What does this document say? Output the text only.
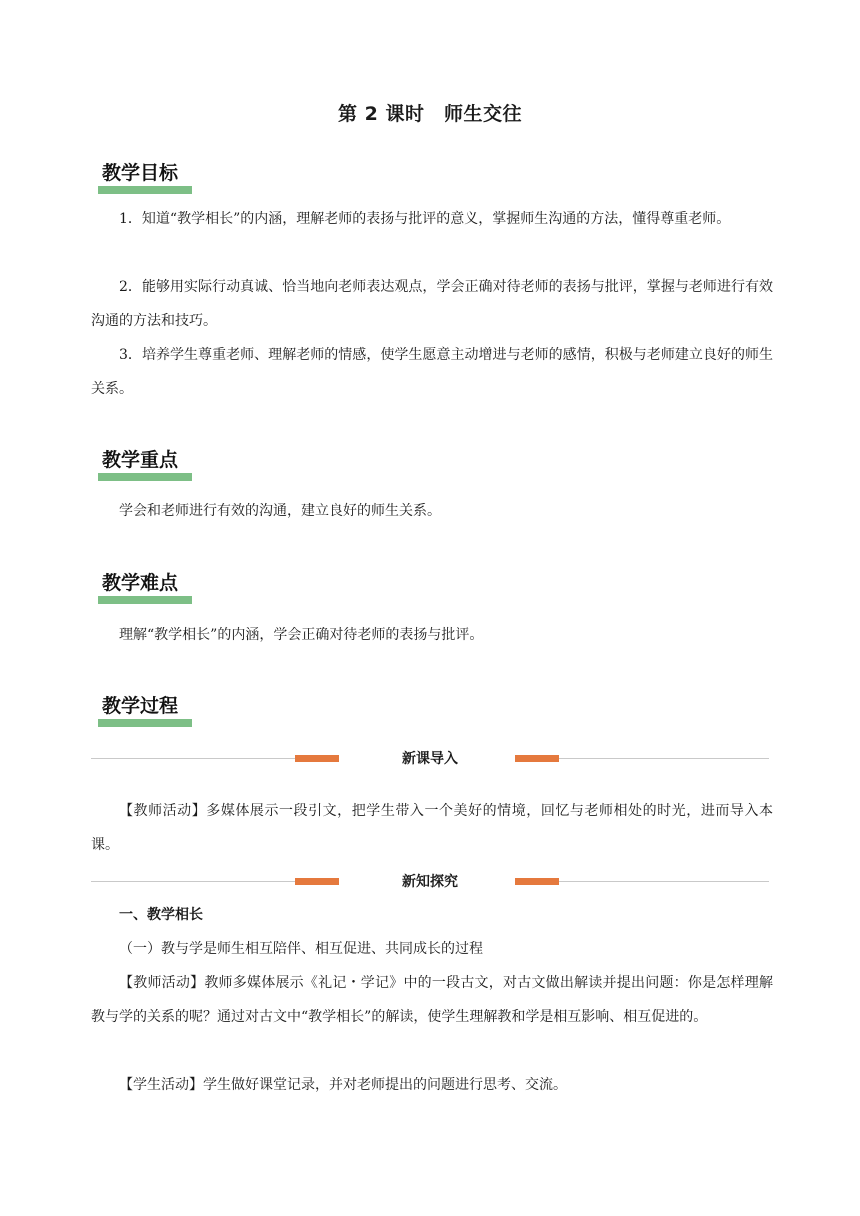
第 2 课时　师生交往
教学目标
1．知道“教学相长”的内涵，理解老师的表扬与批评的意义，掌握师生沟通的方法，懂得尊重老师。
2．能够用实际行动真诚、恰当地向老师表达观点，学会正确对待老师的表扬与批评，掌握与老师进行有效沟通的方法和技巧。
3．培养学生尊重老师、理解老师的情感，使学生愿意主动增进与老师的感情，积极与老师建立良好的师生关系。
教学重点
学会和老师进行有效的沟通，建立良好的师生关系。
教学难点
理解“教学相长”的内涵，学会正确对待老师的表扬与批评。
教学过程
新课导入
【教师活动】多媒体展示一段引文，把学生带入一个美好的情境，回忆与老师相处的时光，进而导入本课。
新知探究
一、教学相长
（一）教与学是师生相互陪伴、相互促进、共同成长的过程
【教师活动】教师多媒体展示《礼记・学记》中的一段古文，对古文做出解读并提出问题：你是怎样理解教与学的关系的呢？通过对古文中“教学相长”的解读，使学生理解教和学是相互影响、相互促进的。
【学生活动】学生做好课堂记录，并对老师提出的问题进行思考、交流。
